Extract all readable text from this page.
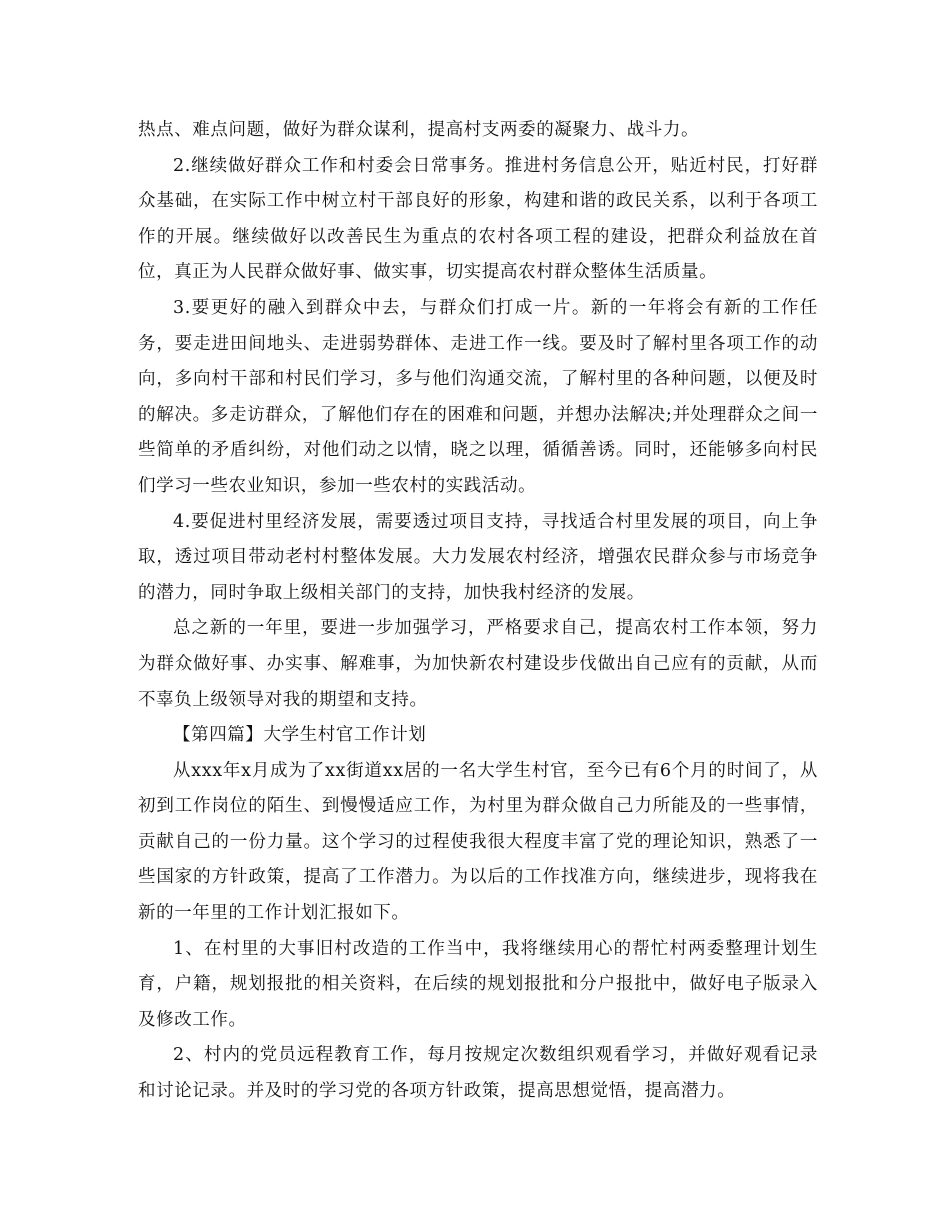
热点、难点问题，做好为群众谋利，提高村支两委的凝聚力、战斗力。

2.继续做好群众工作和村委会日常事务。推进村务信息公开，贴近村民，打好群众基础，在实际工作中树立村干部良好的形象，构建和谐的政民关系，以利于各项工作的开展。继续做好以改善民生为重点的农村各项工程的建设，把群众利益放在首位，真正为人民群众做好事、做实事，切实提高农村群众整体生活质量。

3.要更好的融入到群众中去，与群众们打成一片。新的一年将会有新的工作任务，要走进田间地头、走进弱势群体、走进工作一线。要及时了解村里各项工作的动向，多向村干部和村民们学习，多与他们沟通交流，了解村里的各种问题，以便及时的解决。多走访群众，了解他们存在的困难和问题，并想办法解决;并处理群众之间一些简单的矛盾纠纷，对他们动之以情，晓之以理，循循善诱。同时，还能够多向村民们学习一些农业知识，参加一些农村的实践活动。

4.要促进村里经济发展，需要透过项目支持，寻找适合村里发展的项目，向上争取，透过项目带动老村村整体发展。大力发展农村经济，增强农民群众参与市场竞争的潜力，同时争取上级相关部门的支持，加快我村经济的发展。

总之新的一年里，要进一步加强学习，严格要求自己，提高农村工作本领，努力为群众做好事、办实事、解难事，为加快新农村建设步伐做出自己应有的贡献，从而不辜负上级领导对我的期望和支持。

【第四篇】大学生村官工作计划

从xxx年x月成为了xx街道xx居的一名大学生村官，至今已有6个月的时间了，从初到工作岗位的陌生、到慢慢适应工作，为村里为群众做自己力所能及的一些事情，贡献自己的一份力量。这个学习的过程使我很大程度丰富了党的理论知识，熟悉了一些国家的方针政策，提高了工作潜力。为以后的工作找准方向，继续进步，现将我在新的一年里的工作计划汇报如下。

1、在村里的大事旧村改造的工作当中，我将继续用心的帮忙村两委整理计划生育，户籍，规划报批的相关资料，在后续的规划报批和分户报批中，做好电子版录入及修改工作。

2、村内的党员远程教育工作，每月按规定次数组织观看学习，并做好观看记录和讨论记录。并及时的学习党的各项方针政策，提高思想觉悟，提高潜力。
